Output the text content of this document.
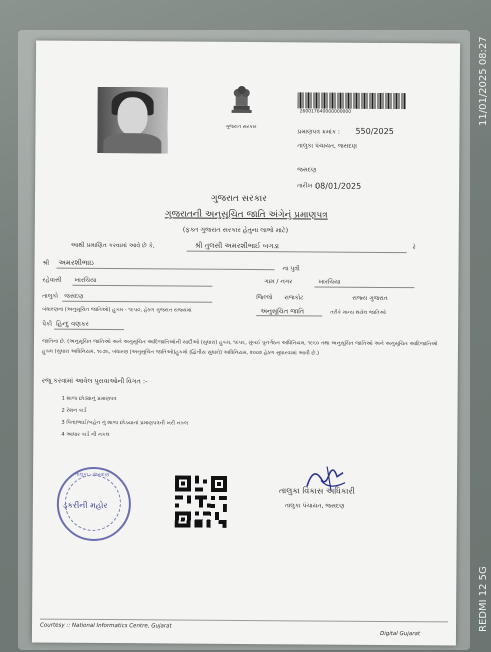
ગુજરાત સરકાર
260017640000000000
પ્રમાણપત્ર ક્રમાંક : 550/2025
તાલુકા પંચાયત, જસદણ
જસદણ
તારીખ :
08/01/2025
ગુજરાત સરકાર
ગુજરાતની અનુસૂચિત જાતિ અંગેનું પ્રમાણપત્ર
(ફક્ત ગુજરાત સરકાર હેતુના લાભો માટે)
આથી પ્રમાણિત કરવામાં આવે છે કે,	શ્રી તુલસી અમરશીભાઈ બગડા	રે
શ્રી અમરશીભાઇ
ના પુત્રી
રહેવાસી ખારચિયા	ગામ / નગર	ખારચિયા
તાલુકો જસદણ	જિલ્લો રાજકોટ	રાજ્ય ગુજરાત
બંધારણના (અનુસૂચિત જાતિઓ) હુકમ - ૧૯૫૦, હેઠળ ગુજરાત રાજ્યમાં	અનુસૂચિત જાતિ	તરીકે માન્ય થયેલ જાતિઓ
પૈકી હિન્દુ વણકર
જાતિના છે. (અનુસૂચિત જાતિઓ અને અનુસૂચિત આદિજાતિઓની યાદીઓ (સુધારા) હુકમ, ૧૯૫૬, મુંબઈ પુનર્ગઠન અધિનિયમ, ૧૯૬૦ તથા અનુસૂચિત જાતિઓ અને અનુસૂચિત આદિજાતિઓ હુકમ (સુધારા અધિનિયમ, ૧૯૭૬, બંધારણ (અનુસૂચિત જાતિઓ)હુકમો (દ્વિતીય સુધારો) અધિનિયમ, ૨૦૦૨ હેઠળ સુધારવામાં આવી છે.)
રજૂ કરવામાં આવેલ પુરાવાઓની વિગત :-
1 શાળા છોડ્યાનું પ્રમાણપત્ર
2 રેશન કાર્ડ
3 પિતા/ભાઈ/બહેન નું શાળા છોડયાનાં પ્રમાણપત્રની ખરી નકલ
4 આધાર કાર્ડ ની નકલ
તાલુકા - જસદણ
ડ્કરીની મહોર
તાલુકા વિકાસ અધિકારી
તાલુકા પંચાયત, જસદણ
Courtesy :: National Informatics Centre, Gujarat
Digital Gujarat
11/01/2025 08:27
REDMI 12 5G
